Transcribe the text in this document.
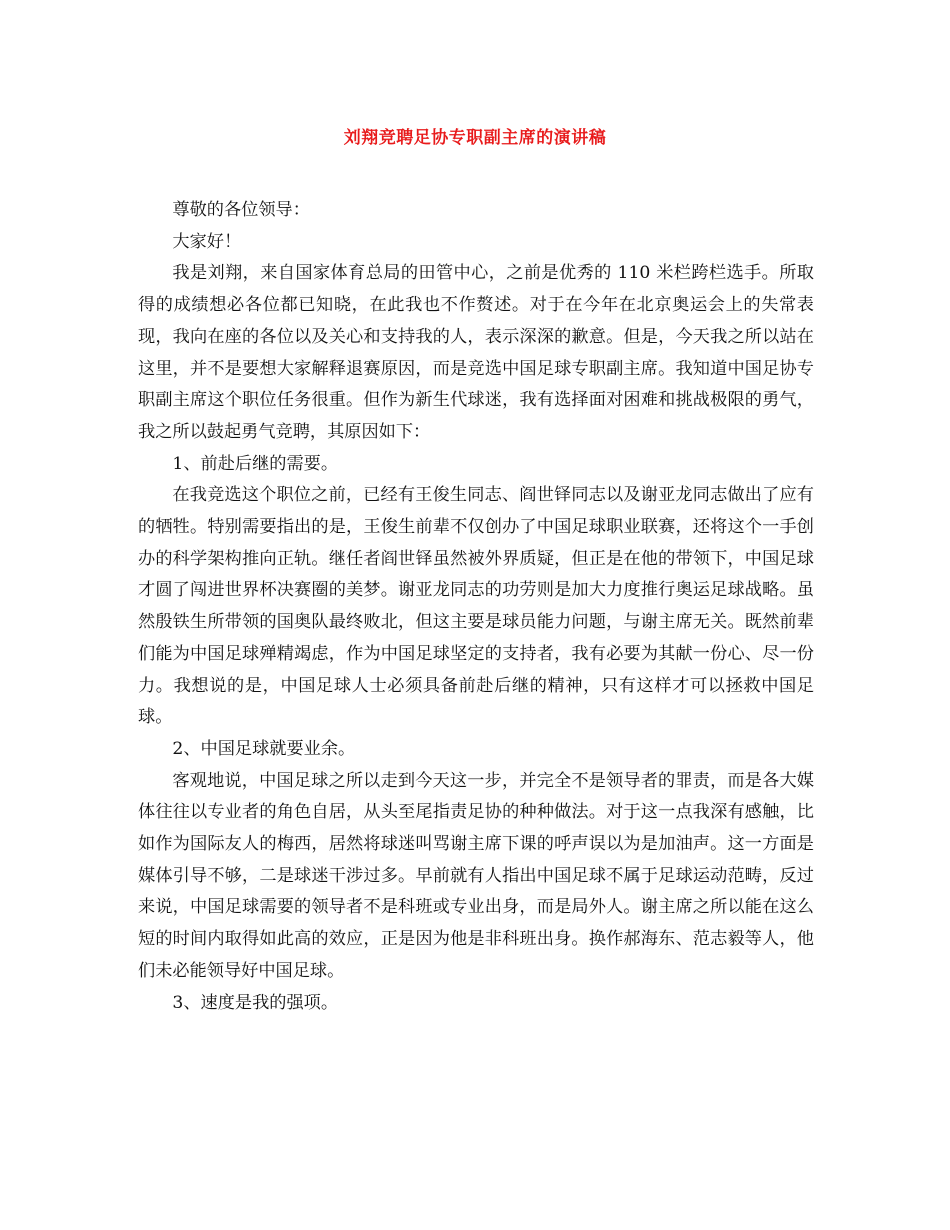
刘翔竞聘足协专职副主席的演讲稿

尊敬的各位领导：

大家好！

我是刘翔，来自国家体育总局的田管中心，之前是优秀的 110 米栏跨栏选手。所取得的成绩想必各位都已知晓，在此我也不作赘述。对于在今年在北京奥运会上的失常表现，我向在座的各位以及关心和支持我的人，表示深深的歉意。但是，今天我之所以站在这里，并不是要想大家解释退赛原因，而是竞选中国足球专职副主席。我知道中国足协专职副主席这个职位任务很重。但作为新生代球迷，我有选择面对困难和挑战极限的勇气，我之所以鼓起勇气竞聘，其原因如下：

1、前赴后继的需要。

在我竞选这个职位之前，已经有王俊生同志、阎世铎同志以及谢亚龙同志做出了应有的牺牲。特别需要指出的是，王俊生前辈不仅创办了中国足球职业联赛，还将这个一手创办的科学架构推向正轨。继任者阎世铎虽然被外界质疑，但正是在他的带领下，中国足球才圆了闯进世界杯决赛圈的美梦。谢亚龙同志的功劳则是加大力度推行奥运足球战略。虽然殷铁生所带领的国奥队最终败北，但这主要是球员能力问题，与谢主席无关。既然前辈们能为中国足球殚精竭虑，作为中国足球坚定的支持者，我有必要为其献一份心、尽一份力。我想说的是，中国足球人士必须具备前赴后继的精神，只有这样才可以拯救中国足球。

2、中国足球就要业余。

客观地说，中国足球之所以走到今天这一步，并完全不是领导者的罪责，而是各大媒体往往以专业者的角色自居，从头至尾指责足协的种种做法。对于这一点我深有感触，比如作为国际友人的梅西，居然将球迷叫骂谢主席下课的呼声误以为是加油声。这一方面是媒体引导不够，二是球迷干涉过多。早前就有人指出中国足球不属于足球运动范畴，反过来说，中国足球需要的领导者不是科班或专业出身，而是局外人。谢主席之所以能在这么短的时间内取得如此高的效应，正是因为他是非科班出身。换作郝海东、范志毅等人，他们未必能领导好中国足球。

3、速度是我的强项。
